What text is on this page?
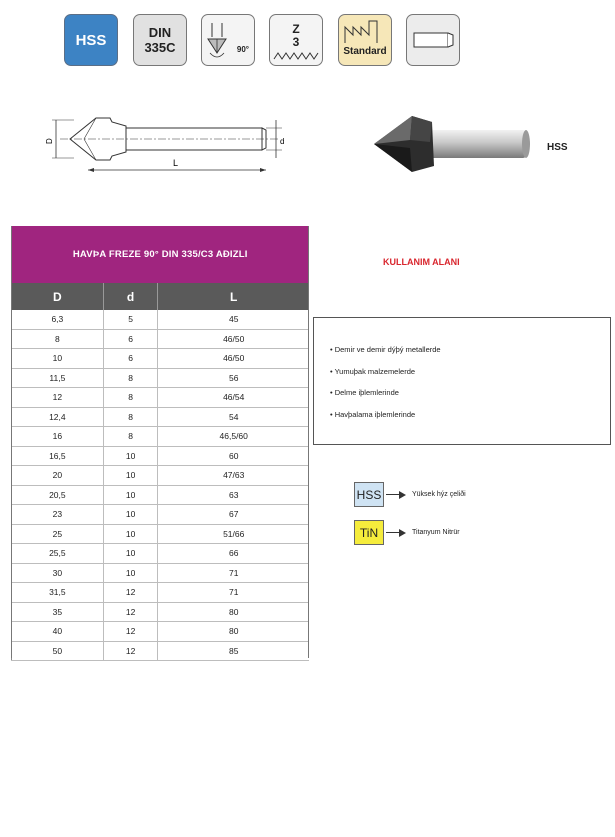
HSS	DIN
335C	90°
Z
3
Standard
D	d
L
HSS
HAVÞA FREZE 90° DIN 335/C3 AÐIZLI		
D	d	L
6,3	5	45
8	6	46/50
10	6	46/50
11,5	8	56
12	8	46/54
12,4	8	54
16	8	46,5/60
16,5	10	60
20	10	47/63
20,5	10	63
23	10	67
25	10	51/66
25,5	10	66
30	10	71
31,5	12	71
35	12	80
40	12	80
50	12	85
KULLANIM ALANI
• Demir ve demir dýþý metallerde
• Yumuþak malzemelerde
• Delme iþlemlerinde
• Havþalama iþlemlerinde
HSS	Yüksek hýz çeliði
TiN	Titanyum Nitrür
